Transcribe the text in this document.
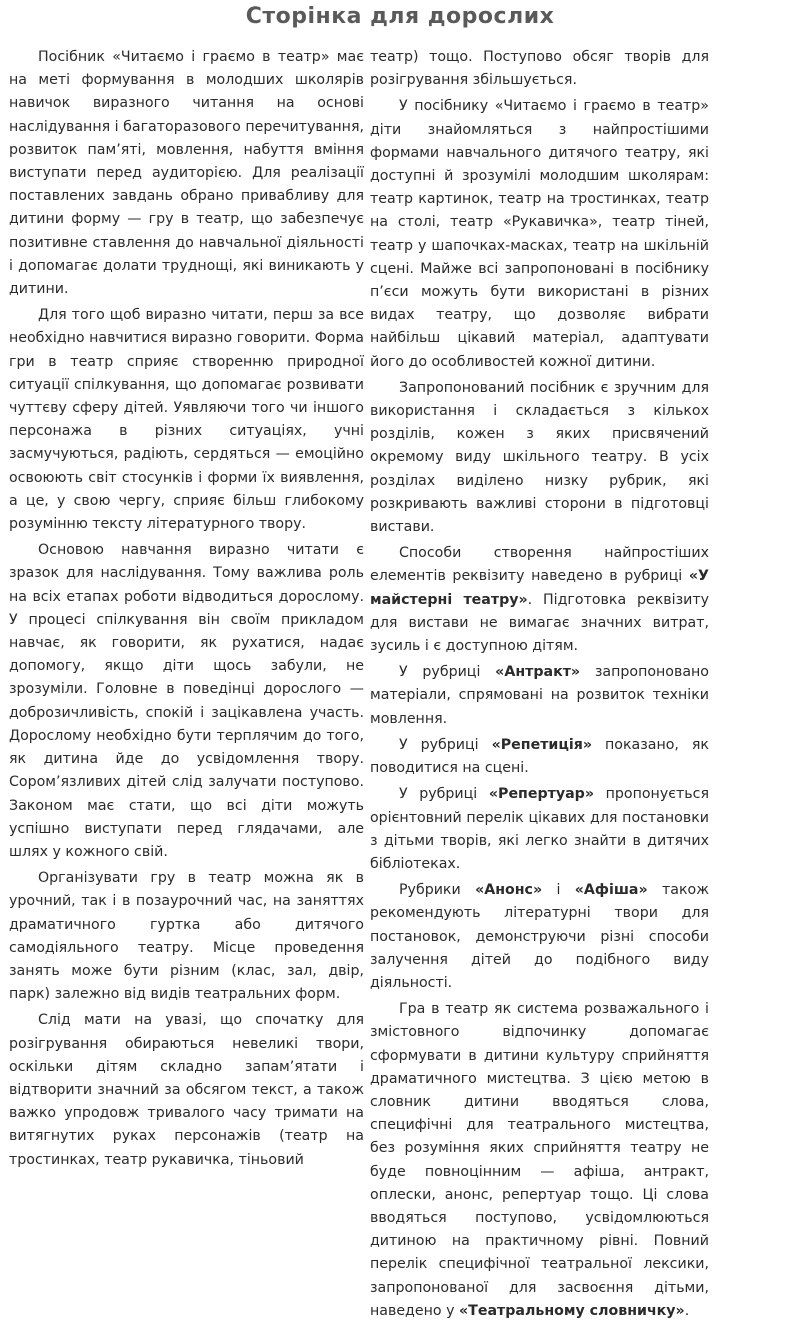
Сторінка для дорослих

Посібник «Читаємо і граємо в театр» має на меті формування в молодших школярів навичок виразного читання на основі наслідування і багаторазового перечитування, розвиток пам’яті, мовлення, набуття вміння виступати перед аудиторією. Для реалізації поставлених завдань обрано привабливу для дитини форму — гру в театр, що забезпечує позитивне ставлення до навчальної діяльності і допомагає долати труднощі, які виникають у дитини.

Для того щоб виразно читати, перш за все необхідно навчитися виразно говорити. Форма гри в театр сприяє створенню природної ситуації спілкування, що допомагає розвивати чуттєву сферу дітей. Уявляючи того чи іншого персонажа в різних ситуаціях, учні засмучуються, радіють, сердяться — емоційно освоюють світ стосунків і форми їх виявлення, а це, у свою чергу, сприяє більш глибокому розумінню тексту літературного твору.

Основою навчання виразно читати є зразок для наслідування. Тому важлива роль на всіх етапах роботи відводиться дорослому. У процесі спілкування він своїм прикладом навчає, як говорити, як рухатися, надає допомогу, якщо діти щось забули, не зрозуміли. Головне в поведінці дорослого — доброзичливість, спокій і зацікавлена участь. Дорослому необхідно бути терплячим до того, як дитина йде до усвідомлення твору. Сором’язливих дітей слід залучати поступово. Законом має стати, що всі діти можуть успішно виступати перед глядачами, але шлях у кожного свій.

Організувати гру в театр можна як в урочний, так і в позаурочний час, на заняттях драматичного гуртка або дитячого самодіяльного театру. Місце проведення занять може бути різним (клас, зал, двір, парк) залежно від видів театральних форм.

Слід мати на увазі, що спочатку для розігрування обираються невеликі твори, оскільки дітям складно запам’ятати і відтворити значний за обсягом текст, а також важко упродовж тривалого часу тримати на витягнутих руках персонажів (театр на тростинках, театр рукавичка, тіньовий

театр) тощо. Поступово обсяг творів для розігрування збільшується.

У посібнику «Читаємо і граємо в театр» діти знайомляться з найпростішими формами навчального дитячого театру, які доступні й зрозумілі молодшим школярам: театр картинок, театр на тростинках, театр на столі, театр «Рукавичка», театр тіней, театр у шапочках-масках, театр на шкільній сцені. Майже всі запропоновані в посібнику п’єси можуть бути використані в різних видах театру, що дозволяє вибрати найбільш цікавий матеріал, адаптувати його до особливостей кожної дитини.

Запропонований посібник є зручним для використання і складається з кількох розділів, кожен з яких присвячений окремому виду шкільного театру. В усіх розділах виділено низку рубрик, які розкривають важливі сторони в підготовці вистави.

Способи створення найпростіших елементів реквізиту наведено в рубриці «У майстерні театру». Підготовка реквізиту для вистави не вимагає значних витрат, зусиль і є доступною дітям.

У рубриці «Антракт» запропоновано матеріали, спрямовані на розвиток техніки мовлення.

У рубриці «Репетиція» показано, як поводитися на сцені.

У рубриці «Репертуар» пропонується орієнтовний перелік цікавих для постановки з дітьми творів, які легко знайти в дитячих бібліотеках.

Рубрики «Анонс» і «Афіша» також рекомендують літературні твори для постановок, демонструючи різні способи залучення дітей до подібного виду діяльності.

Гра в театр як система розважального і змістовного відпочинку допомагає сформувати в дитини культуру сприйняття драматичного мистецтва. З цією метою в словник дитини вводяться слова, специфічні для театрального мистецтва, без розуміння яких сприйняття театру не буде повноцінним — афіша, антракт, оплески, анонс, репертуар тощо. Ці слова вводяться поступово, усвідомлюються дитиною на практичному рівні. Повний перелік специфічної театральної лексики, запропонованої для засвоєння дітьми, наведено у «Театральному словничку».
